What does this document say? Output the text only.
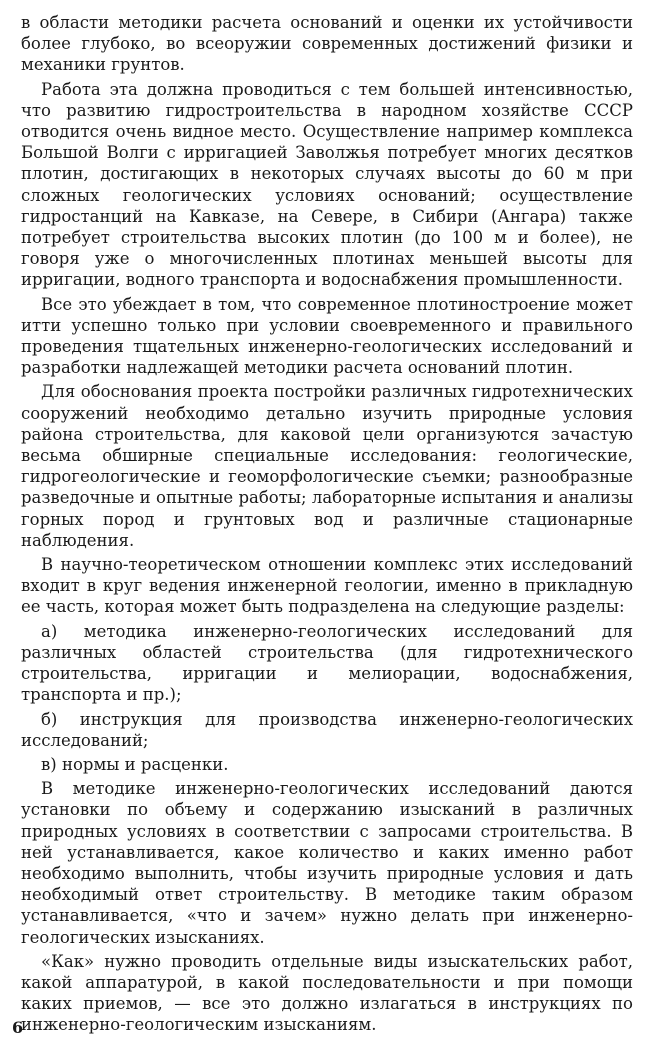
в области методики расчета оснований и оценки их устойчивости более глубоко, во всеоружии современных достижений физики и механики грунтов.

Работа эта должна проводиться с тем большей интенсивностью, что развитию гидростроительства в народном хозяйстве СССР отводится очень видное место. Осуществление например комплекса Большой Волги с ирригацией Заволжья потребует многих десятков плотин, достигающих в некоторых случаях высоты до 60 м при сложных геологических условиях оснований; осуществление гидростанций на Кавказе, на Севере, в Сибири (Ангара) также потребует строительства высоких плотин (до 100 м и более), не говоря уже о многочисленных плотинах меньшей высоты для ирригации, водного транспорта и водоснабжения промышленности.

Все это убеждает в том, что современное плотиностроение может итти успешно только при условии своевременного и правильного проведения тщательных инженерно-геологических исследований и разработки надлежащей методики расчета оснований плотин.

Для обоснования проекта постройки различных гидротехнических сооружений необходимо детально изучить природные условия района строительства, для каковой цели организуются зачастую весьма обширные специальные исследования: геологические, гидрогеологические и геоморфологические съемки; разнообразные разведочные и опытные работы; лабораторные испытания и анализы горных пород и грунтовых вод и различные стационарные наблюдения.

В научно-теоретическом отношении комплекс этих исследований входит в круг ведения инженерной геологии, именно в прикладную ее часть, которая может быть подразделена на следующие разделы:

а) методика инженерно-геологических исследований для различных областей строительства (для гидротехнического строительства, ирригации и мелиорации, водоснабжения, транспорта и пр.);

б) инструкция для производства инженерно-геологических исследований;

в) нормы и расценки.

В методике инженерно-геологических исследований даются установки по объему и содержанию изысканий в различных природных условиях в соответствии с запросами строительства. В ней устанавливается, какое количество и каких именно работ необходимо выполнить, чтобы изучить природные условия и дать необходимый ответ строительству. В методике таким образом устанавливается, «что и зачем» нужно делать при инженерно-геологических изысканиях.

«Как» нужно проводить отдельные виды изыскательских работ, какой аппаратурой, в какой последовательности и при помощи каких приемов, — все это должно излагаться в инструкциях по инженерно-геологическим изысканиям.

6
